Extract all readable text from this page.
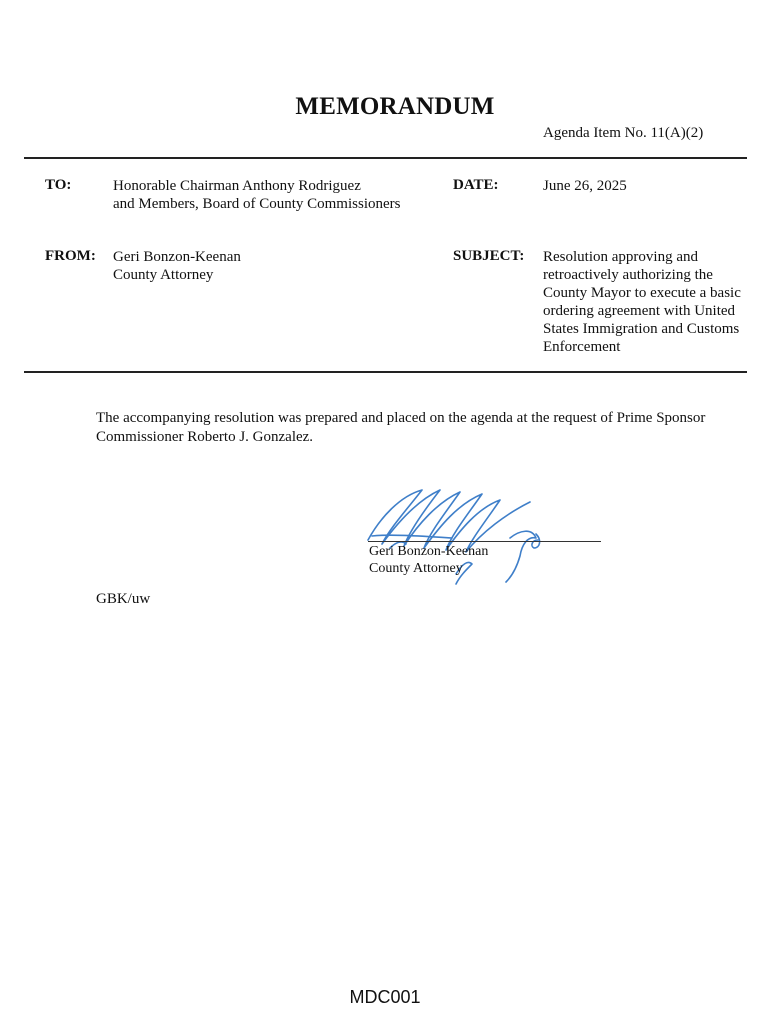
MEMORANDUM
Agenda Item No. 11(A)(2)
TO:	Honorable Chairman Anthony Rodriguez
and Members, Board of County Commissioners
DATE:	June 26, 2025
FROM: Geri Bonzon-Keenan
County Attorney
SUBJECT: Resolution approving and
retroactively authorizing the
County Mayor to execute a basic
ordering agreement with United
States Immigration and Customs
Enforcement
The accompanying resolution was prepared and placed on the agenda at the request of Prime Sponsor
Commissioner Roberto J. Gonzalez.
Geri Bonzon-Keenan
County Attorney
GBK/uw
MDC001
